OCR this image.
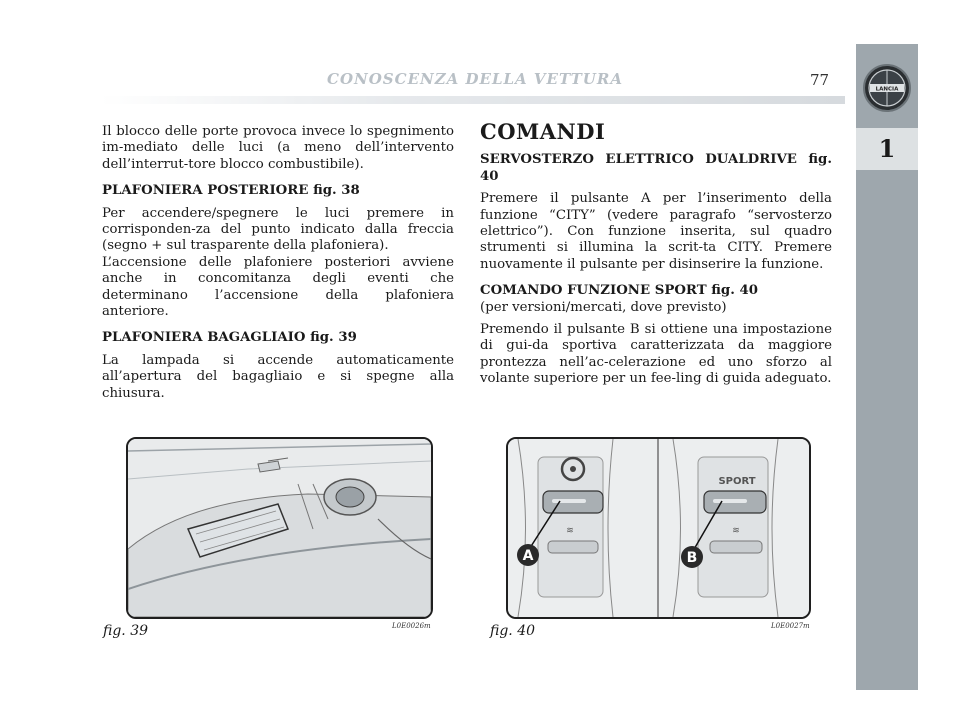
CONOSCENZA DELLA VETTURA	77
LANCIA
1

Il blocco delle porte provoca invece lo spegnimento im-mediato delle luci (a meno dell’intervento dell’interrut-tore blocco combustibile).

PLAFONIERA POSTERIORE fig. 38

Per accendere/spegnere le luci premere in corrisponden-za del punto indicato dalla freccia (segno + sul trasparente della plafoniera).

L’accensione delle plafoniere posteriori avviene anche in concomitanza degli eventi che determinano l’accensione della plafoniera anteriore.

PLAFONIERA BAGAGLIAIO fig. 39

La lampada si accende automaticamente all’apertura del bagagliaio e si spegne alla chiusura.

COMANDI
SERVOSTERZO ELETTRICO DUALDRIVE fig. 40

Premere il pulsante A per l’inserimento della funzione “CITY” (vedere paragrafo “servosterzo elettrico”). Con funzione inserita, sul quadro strumenti si illumina la scrit-ta CITY. Premere nuovamente il pulsante per disinserire la funzione.

COMANDO FUNZIONE SPORT fig. 40

(per versioni/mercati, dove previsto)

Premendo il pulsante B si ottiene una impostazione di gui-da sportiva caratterizzata da maggiore prontezza nell’ac-celerazione ed uno sforzo al volante superiore per un fee-ling di guida adeguato.

fig. 39	L0E0026m
≋
A
SPORT
≋
B
fig. 40	L0E0027m
